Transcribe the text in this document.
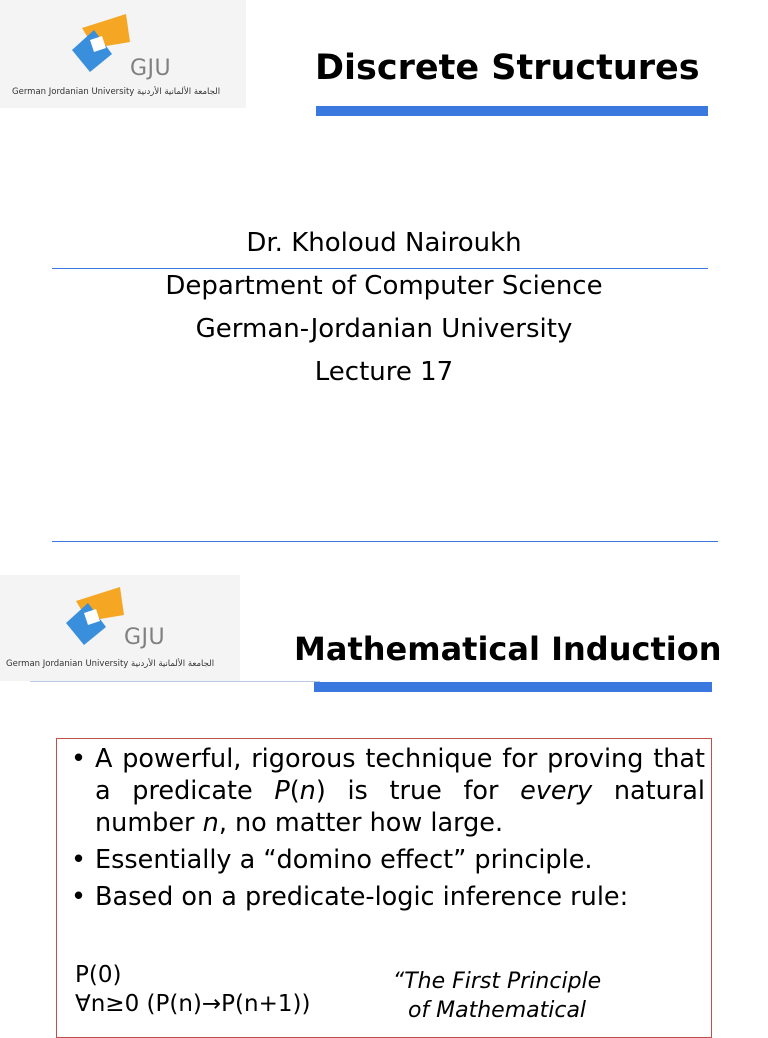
GJU
German Jordanian University الجامعة الألمانية الأردنية
Discrete Structures
Dr. Kholoud Nairoukh
Department of Computer Science
German-Jordanian University
Lecture 17
GJU
German Jordanian University الجامعة الألمانية الأردنية Mathematical Induction
• A powerful, rigorous technique for proving that a predicate P(n) is true for every natural number n, no matter how large.
• Essentially a “domino effect” principle.
• Based on a predicate-logic inference rule:
P(0)
∀n≥0 (P(n)→P(n+1))
“The First Principle
of Mathematical
